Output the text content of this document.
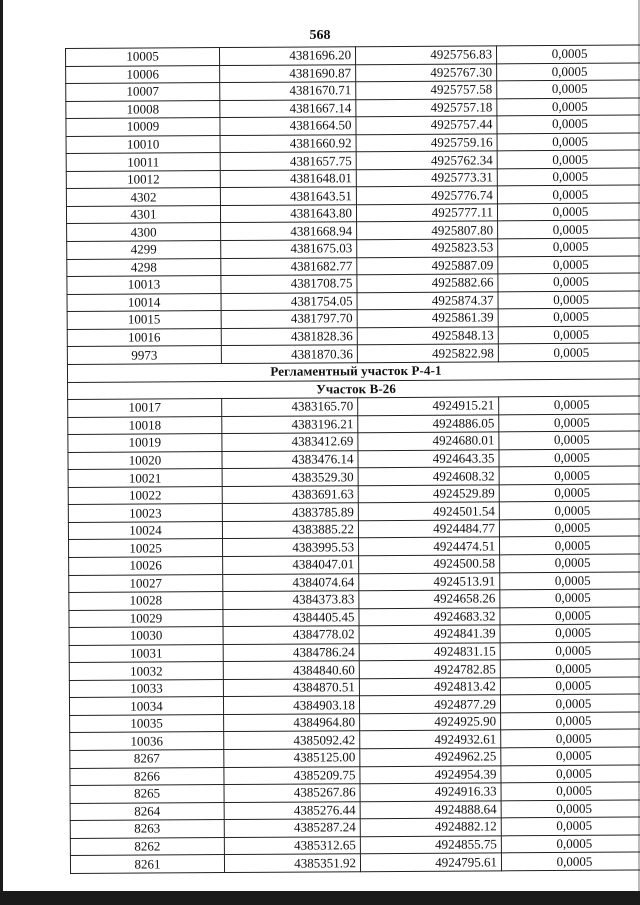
568
10005	4381696.20	4925756.83	0,0005
10006	4381690.87	4925767.30	0,0005
10007	4381670.71	4925757.58	0,0005
10008	4381667.14	4925757.18	0,0005
10009	4381664.50	4925757.44	0,0005
10010	4381660.92	4925759.16	0,0005
10011	4381657.75	4925762.34	0,0005
10012	4381648.01	4925773.31	0,0005
4302	4381643.51	4925776.74	0,0005
4301	4381643.80	4925777.11	0,0005
4300	4381668.94	4925807.80	0,0005
4299	4381675.03	4925823.53	0,0005
4298	4381682.77	4925887.09	0,0005
10013	4381708.75	4925882.66	0,0005
10014	4381754.05	4925874.37	0,0005
10015	4381797.70	4925861.39	0,0005
10016	4381828.36	4925848.13	0,0005
9973	4381870.36	4925822.98	0,0005
Регламентный участок Р-4-1			
Участок В-26			
10017	4383165.70	4924915.21	0,0005
10018	4383196.21	4924886.05	0,0005
10019	4383412.69	4924680.01	0,0005
10020	4383476.14	4924643.35	0,0005
10021	4383529.30	4924608.32	0,0005
10022	4383691.63	4924529.89	0,0005
10023	4383785.89	4924501.54	0,0005
10024	4383885.22	4924484.77	0,0005
10025	4383995.53	4924474.51	0,0005
10026	4384047.01	4924500.58	0,0005
10027	4384074.64	4924513.91	0,0005
10028	4384373.83	4924658.26	0,0005
10029	4384405.45	4924683.32	0,0005
10030	4384778.02	4924841.39	0,0005
10031	4384786.24	4924831.15	0,0005
10032	4384840.60	4924782.85	0,0005
10033	4384870.51	4924813.42	0,0005
10034	4384903.18	4924877.29	0,0005
10035	4384964.80	4924925.90	0,0005
10036	4385092.42	4924932.61	0,0005
8267	4385125.00	4924962.25	0,0005
8266	4385209.75	4924954.39	0,0005
8265	4385267.86	4924916.33	0,0005
8264	4385276.44	4924888.64	0,0005
8263	4385287.24	4924882.12	0,0005
8262	4385312.65	4924855.75	0,0005
8261	4385351.92	4924795.61	0,0005
